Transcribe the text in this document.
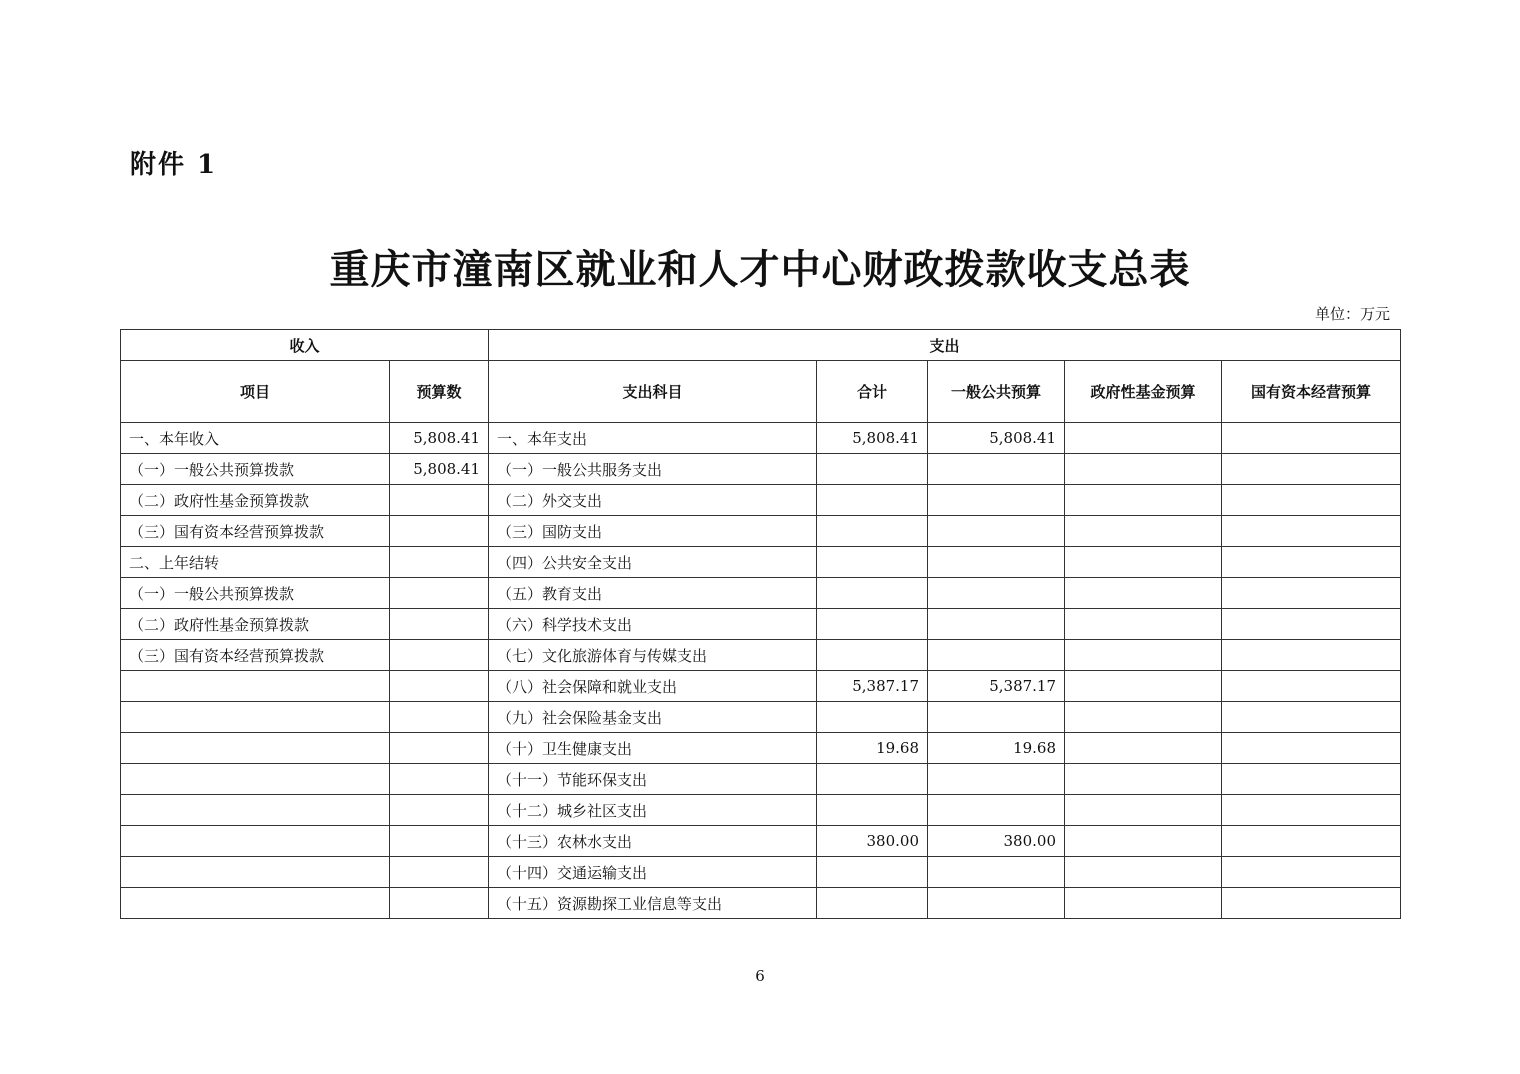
附件 1
重庆市潼南区就业和人才中心财政拨款收支总表
单位：万元
收入		支出				
项目	预算数	支出科目	合计	一般公共预算	政府性基金预算	国有资本经营预算
一、本年收入	5,808.41	一、本年支出	5,808.41	5,808.41		
（一）一般公共预算拨款	5,808.41	（一）一般公共服务支出				
（二）政府性基金预算拨款		（二）外交支出				
（三）国有资本经营预算拨款		（三）国防支出				
二、上年结转		（四）公共安全支出				
（一）一般公共预算拨款		（五）教育支出				
（二）政府性基金预算拨款		（六）科学技术支出				
（三）国有资本经营预算拨款		（七）文化旅游体育与传媒支出				
		（八）社会保障和就业支出	5,387.17	5,387.17		
		（九）社会保险基金支出				
		（十）卫生健康支出	19.68	19.68		
		（十一）节能环保支出				
		（十二）城乡社区支出				
		（十三）农林水支出	380.00	380.00		
		（十四）交通运输支出				
		（十五）资源勘探工业信息等支出				
6
